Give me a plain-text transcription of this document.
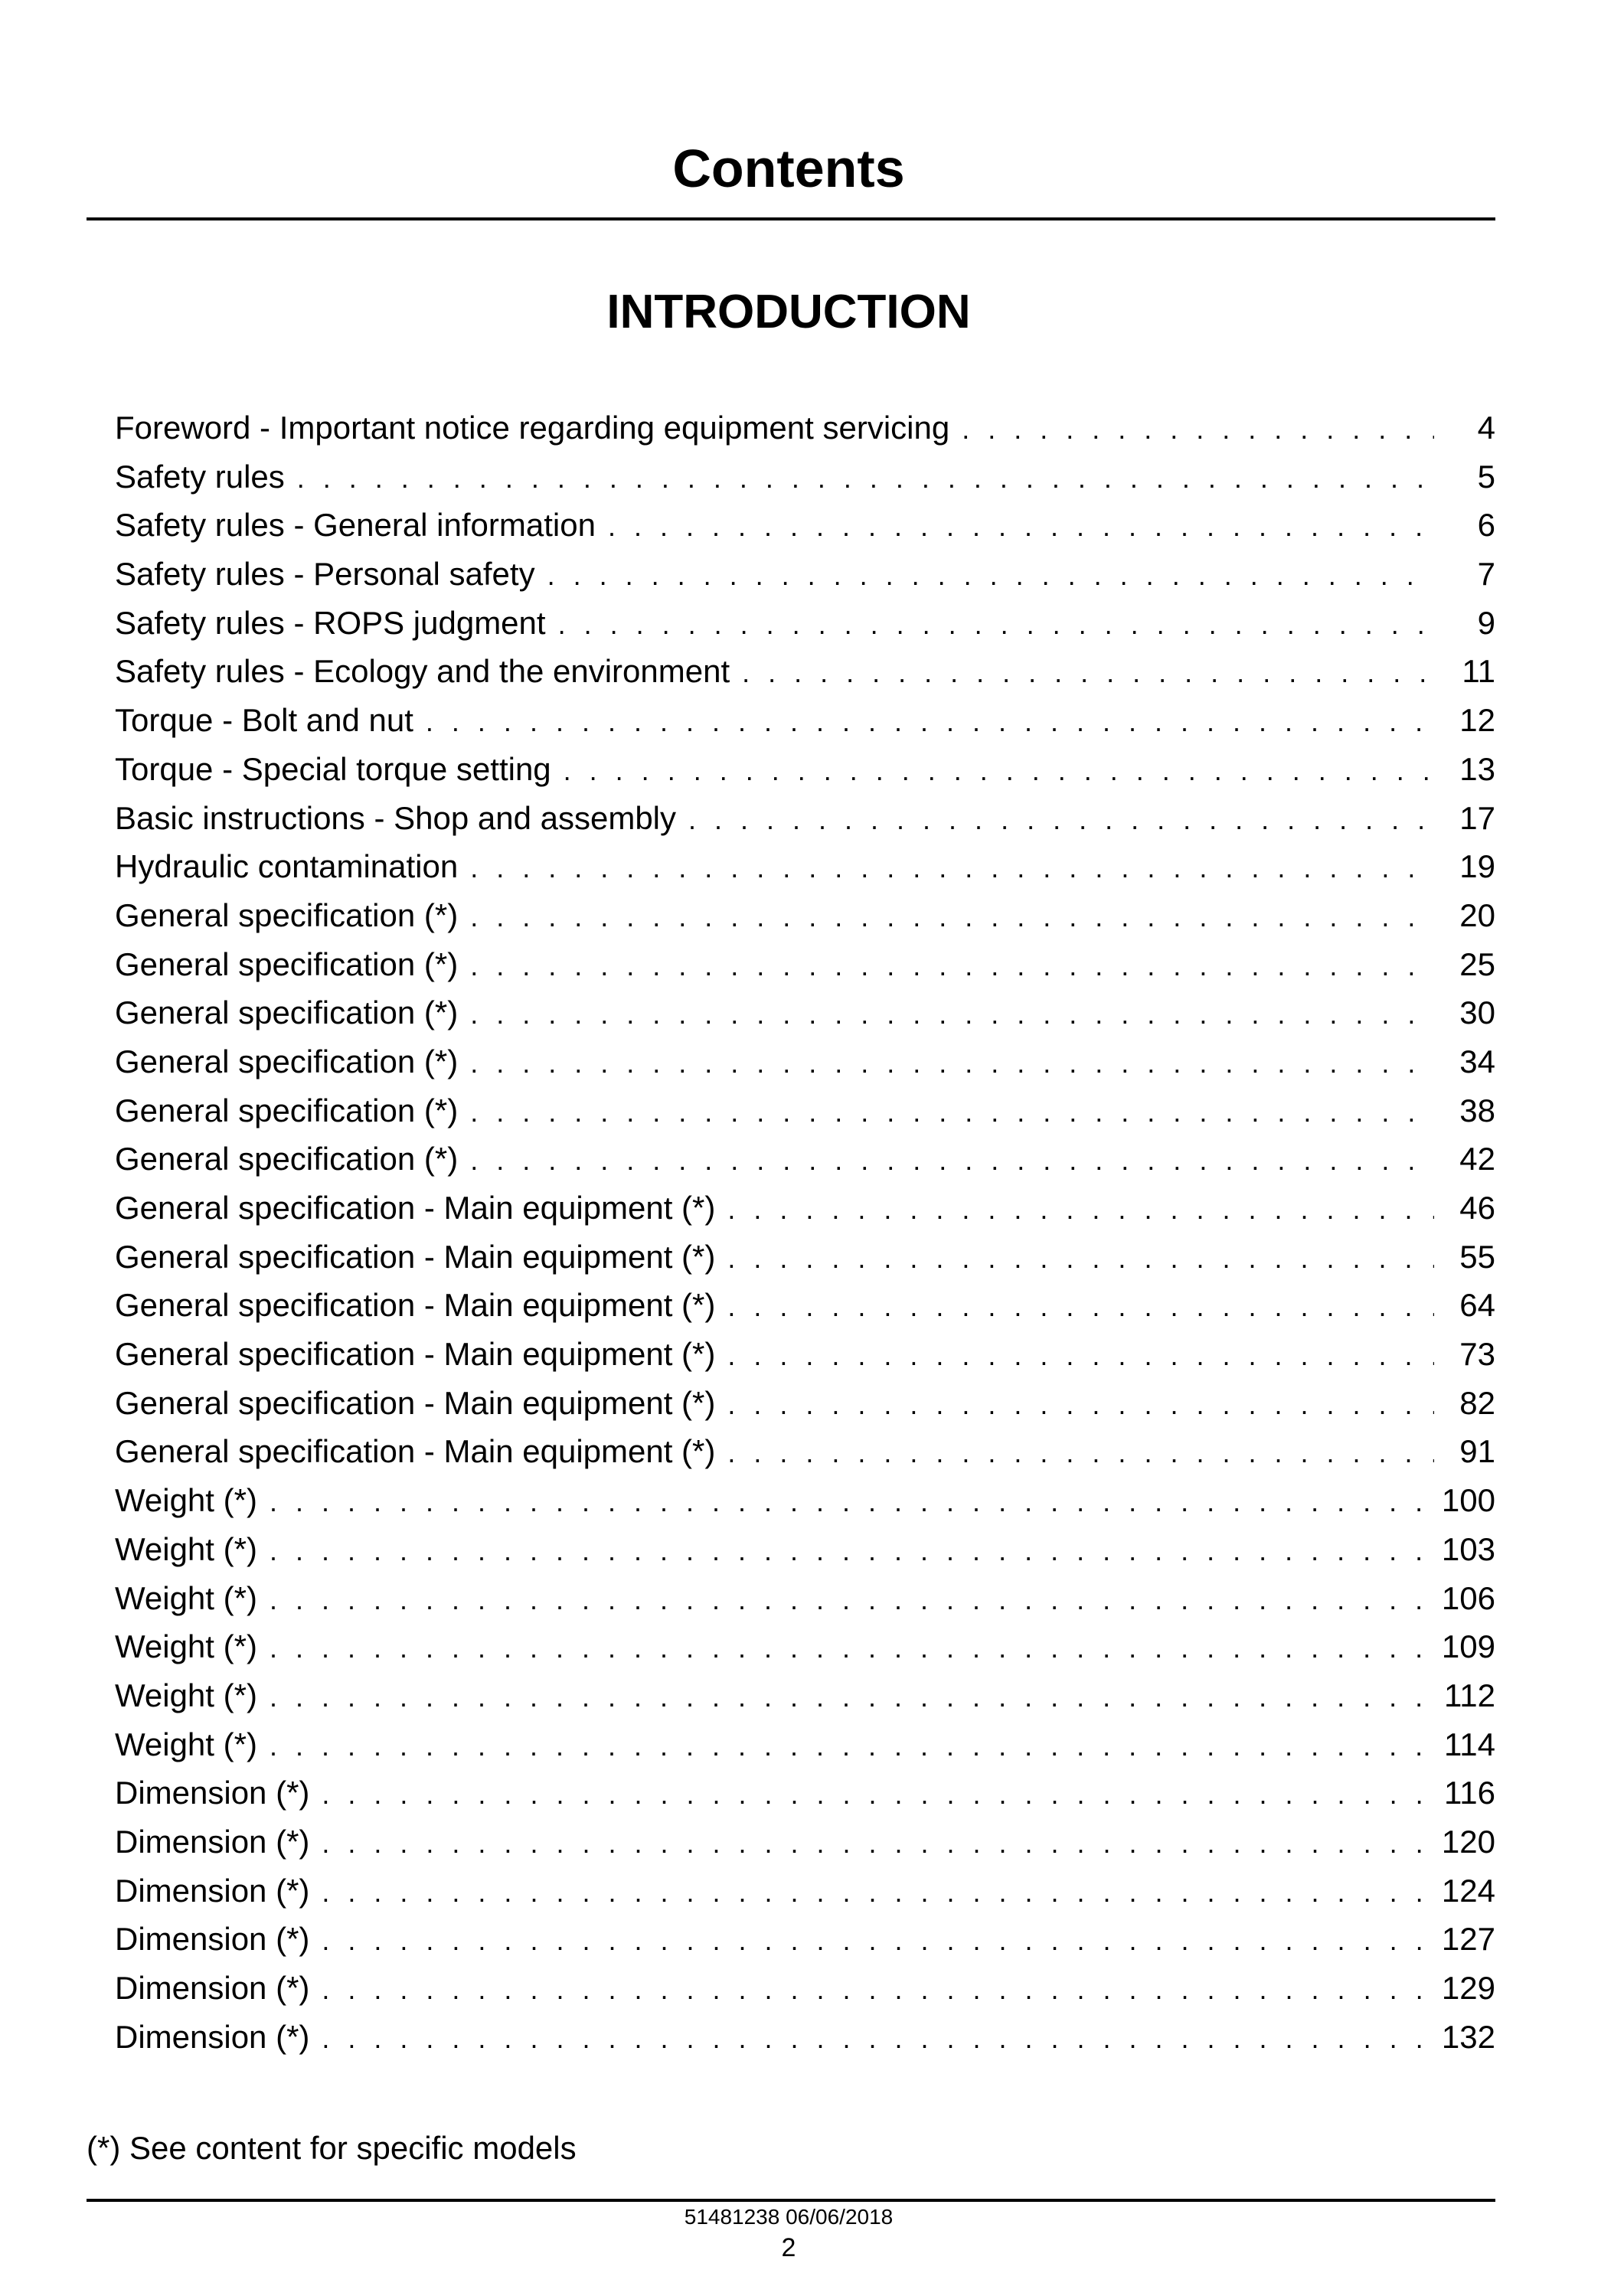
Contents
INTRODUCTION
Foreword - Important notice regarding equipment servicing . . .	4
Safety rules . . .	5
Safety rules - General information . . .	6
Safety rules - Personal safety . . .	7
Safety rules - ROPS judgment . . .	9
Safety rules - Ecology and the environment . . .	11
Torque - Bolt and nut . . .	12
Torque - Special torque setting . . .	13
Basic instructions - Shop and assembly . . .	17
Hydraulic contamination . . .	19
General specification (*) . . .	20
General specification (*) . . .	25
General specification (*) . . .	30
General specification (*) . . .	34
General specification (*) . . .	38
General specification (*) . . .	42
General specification - Main equipment (*) . . .	46
General specification - Main equipment (*) . . .	55
General specification - Main equipment (*) . . .	64
General specification - Main equipment (*) . . .	73
General specification - Main equipment (*) . . .	82
General specification - Main equipment (*) . . .	91
Weight (*) . . .	100
Weight (*) . . .	103
Weight (*) . . .	106
Weight (*) . . .	109
Weight (*) . . .	112
Weight (*) . . .	114
Dimension (*) . . .	116
Dimension (*) . . .	120
Dimension (*) . . .	124
Dimension (*) . . .	127
Dimension (*) . . .	129
Dimension (*) . . .	132

(*) See content for specific models

51481238 06/06/2018
2
